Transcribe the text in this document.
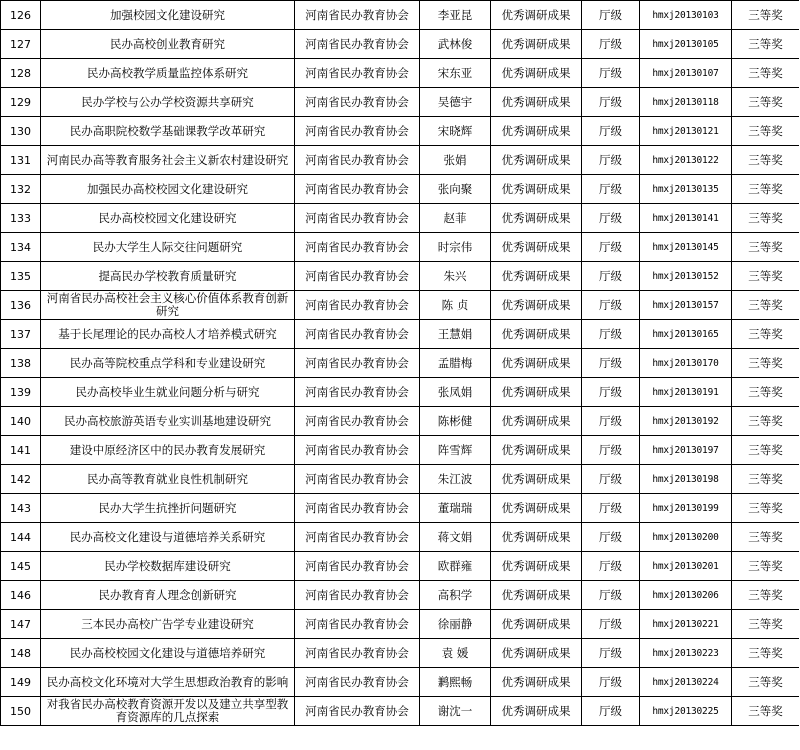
126	加强校园文化建设研究	河南省民办教育协会	李亚昆	优秀调研成果	厅级	hmxj20130103	三等奖
127	民办高校创业教育研究	河南省民办教育协会	武林俊	优秀调研成果	厅级	hmxj20130105	三等奖
128	民办高校教学质量监控体系研究	河南省民办教育协会	宋东亚	优秀调研成果	厅级	hmxj20130107	三等奖
129	民办学校与公办学校资源共享研究	河南省民办教育协会	吴德宇	优秀调研成果	厅级	hmxj20130118	三等奖
130	民办高职院校数学基础课教学改革研究	河南省民办教育协会	宋晓辉	优秀调研成果	厅级	hmxj20130121	三等奖
131	河南民办高等教育服务社会主义新农村建设研究	河南省民办教育协会	张娟	优秀调研成果	厅级	hmxj20130122	三等奖
132	加强民办高校校园文化建设研究	河南省民办教育协会	张向聚	优秀调研成果	厅级	hmxj20130135	三等奖
133	民办高校校园文化建设研究	河南省民办教育协会	赵菲	优秀调研成果	厅级	hmxj20130141	三等奖
134	民办大学生人际交往问题研究	河南省民办教育协会	时宗伟	优秀调研成果	厅级	hmxj20130145	三等奖
135	提高民办学校教育质量研究	河南省民办教育协会	朱兴	优秀调研成果	厅级	hmxj20130152	三等奖
136	河南省民办高校社会主义核心价值体系教育创新研究	河南省民办教育协会	陈 贞	优秀调研成果	厅级	hmxj20130157	三等奖
137	基于长尾理论的民办高校人才培养模式研究	河南省民办教育协会	王慧娟	优秀调研成果	厅级	hmxj20130165	三等奖
138	民办高等院校重点学科和专业建设研究	河南省民办教育协会	孟腊梅	优秀调研成果	厅级	hmxj20130170	三等奖
139	民办高校毕业生就业问题分析与研究	河南省民办教育协会	张凤娟	优秀调研成果	厅级	hmxj20130191	三等奖
140	民办高校旅游英语专业实训基地建设研究	河南省民办教育协会	陈彬健	优秀调研成果	厅级	hmxj20130192	三等奖
141	建设中原经济区中的民办教育发展研究	河南省民办教育协会	阵雪辉	优秀调研成果	厅级	hmxj20130197	三等奖
142	民办高等教育就业良性机制研究	河南省民办教育协会	朱江波	优秀调研成果	厅级	hmxj20130198	三等奖
143	民办大学生抗挫折问题研究	河南省民办教育协会	董瑞瑞	优秀调研成果	厅级	hmxj20130199	三等奖
144	民办高校文化建设与道德培养关系研究	河南省民办教育协会	蒋文娟	优秀调研成果	厅级	hmxj20130200	三等奖
145	民办学校数据库建设研究	河南省民办教育协会	欧群雍	优秀调研成果	厅级	hmxj20130201	三等奖
146	民办教育育人理念创新研究	河南省民办教育协会	高积学	优秀调研成果	厅级	hmxj20130206	三等奖
147	三本民办高校广告学专业建设研究	河南省民办教育协会	徐丽静	优秀调研成果	厅级	hmxj20130221	三等奖
148	民办高校校园文化建设与道德培养研究	河南省民办教育协会	袁 媛	优秀调研成果	厅级	hmxj20130223	三等奖
149	民办高校文化环境对大学生思想政治教育的影响	河南省民办教育协会	鹣熙畅	优秀调研成果	厅级	hmxj20130224	三等奖
150	对我省民办高校教育资源开发以及建立共享型教育资源库的几点探索	河南省民办教育协会	谢沈一	优秀调研成果	厅级	hmxj20130225	三等奖
